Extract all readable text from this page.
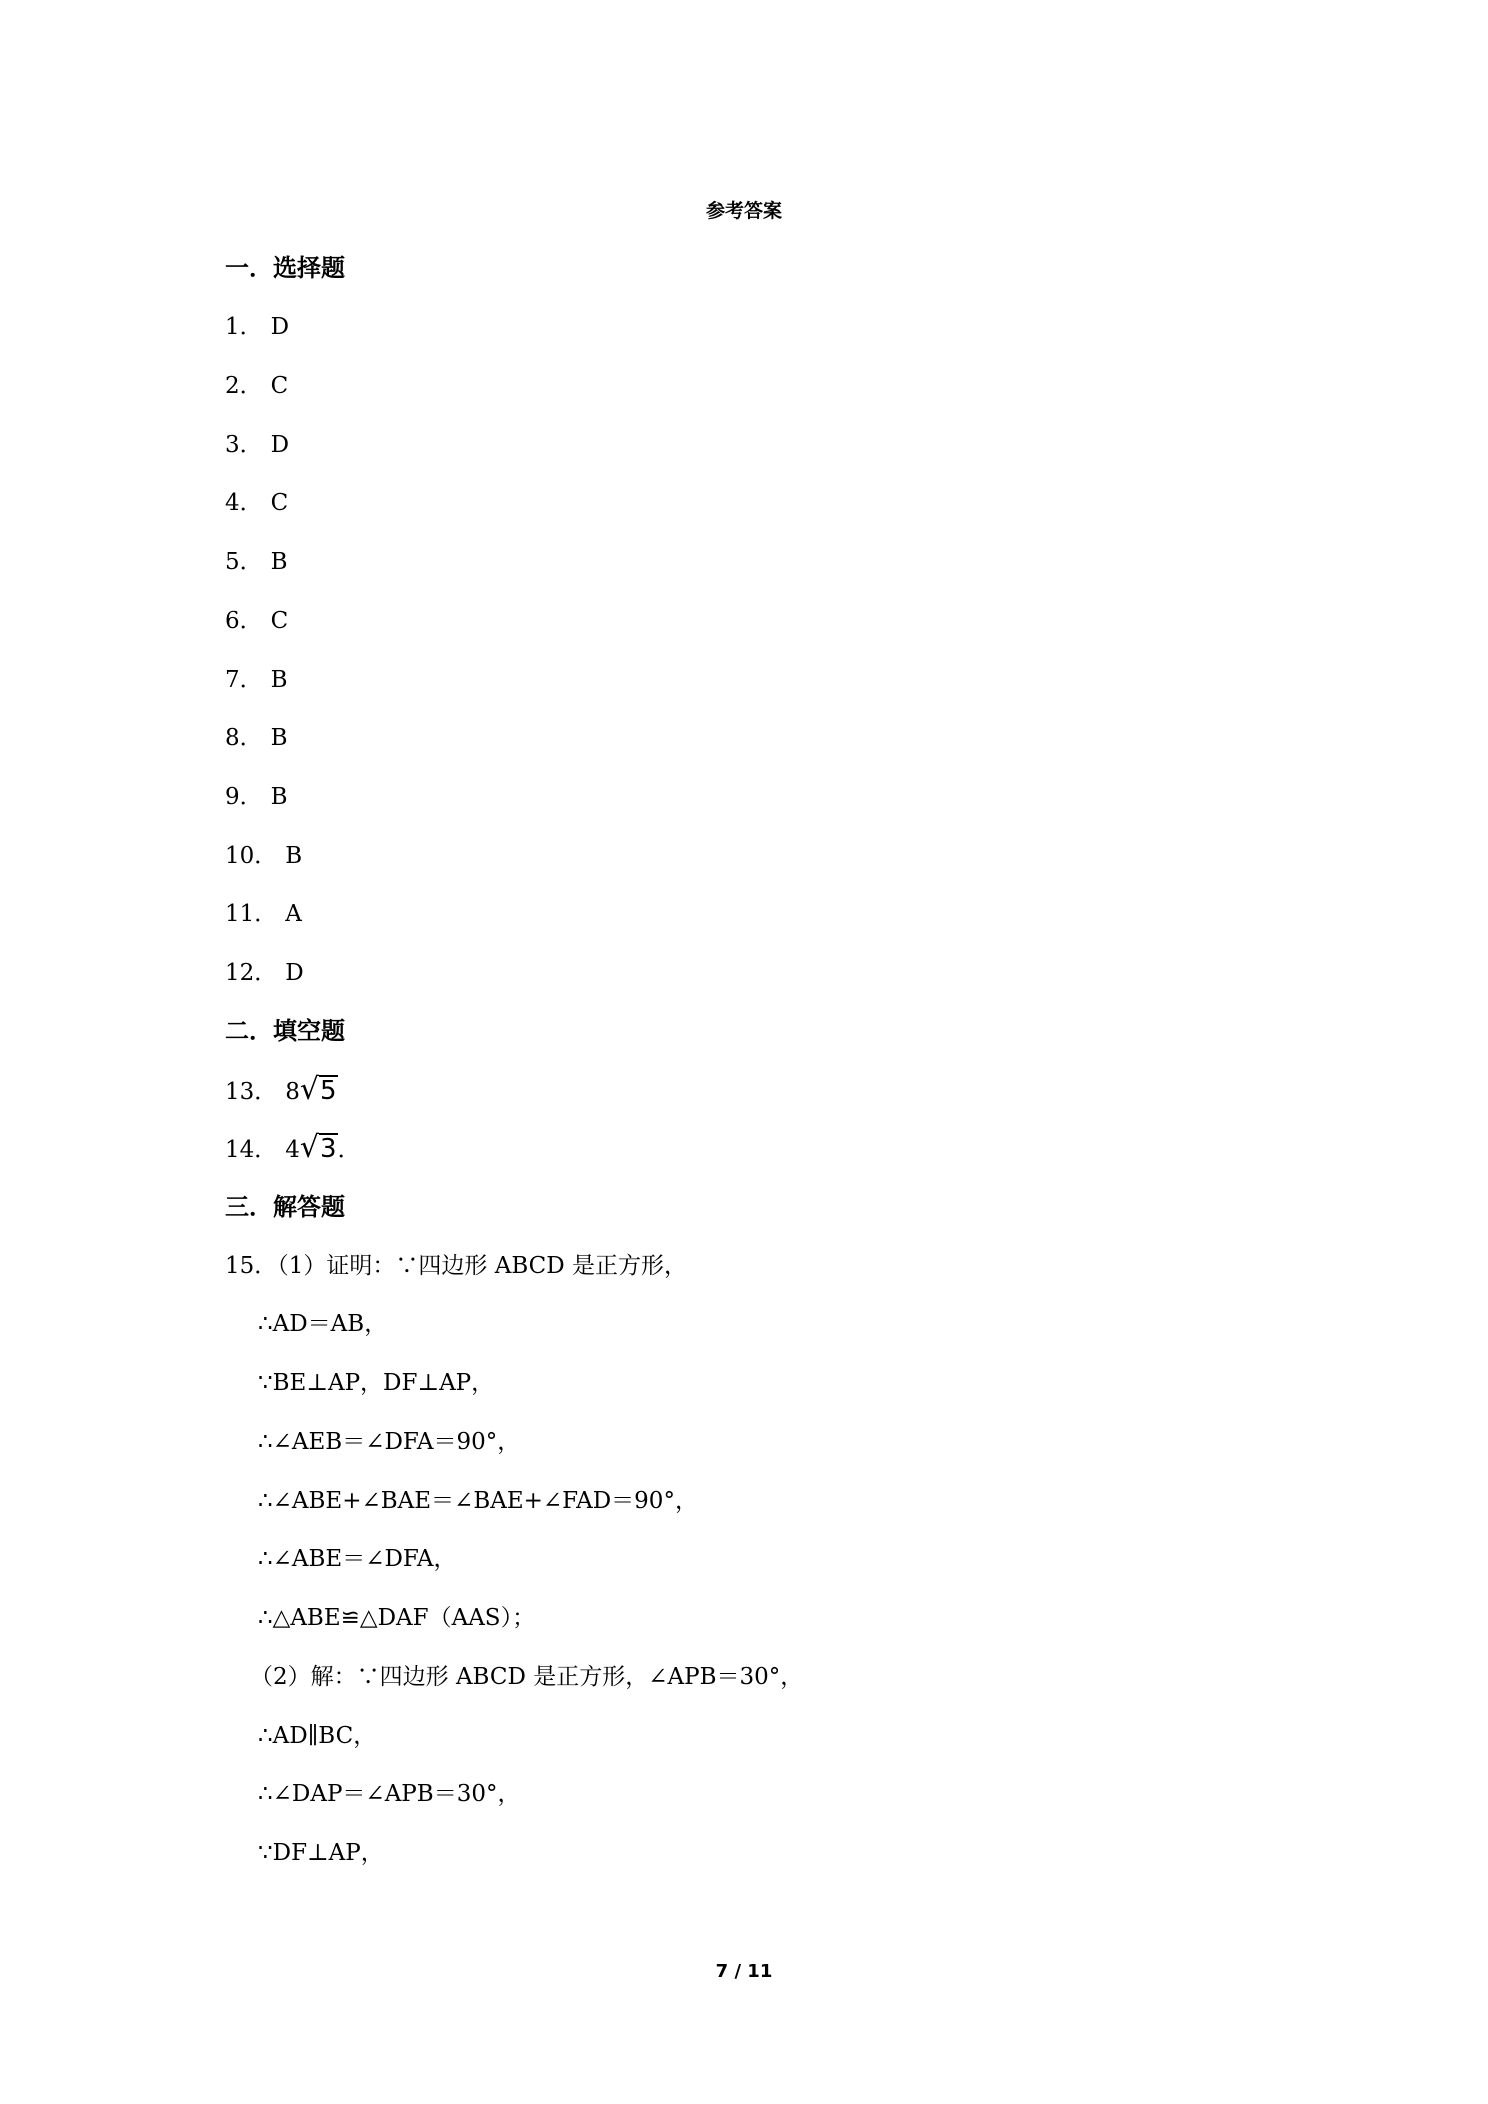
参考答案
一．选择题
1． D
2． C
3． D
4． C
5． B
6． C
7． B
8． B
9． B
10． B
11． A
12． D
二．填空题
13． 8√5
14． 4√3．
三．解答题
15．（1）证明：∵四边形 ABCD 是正方形，
∴AD＝AB，
∵BE⊥AP，DF⊥AP，
∴∠AEB＝∠DFA＝90°，
∴∠ABE+∠BAE＝∠BAE+∠FAD＝90°，
∴∠ABE＝∠DFA，
∴△ABE≌△DAF（AAS）；
（2）解：∵四边形 ABCD 是正方形，∠APB＝30°，
∴AD∥BC，
∴∠DAP＝∠APB＝30°，
∵DF⊥AP，
7 / 11
